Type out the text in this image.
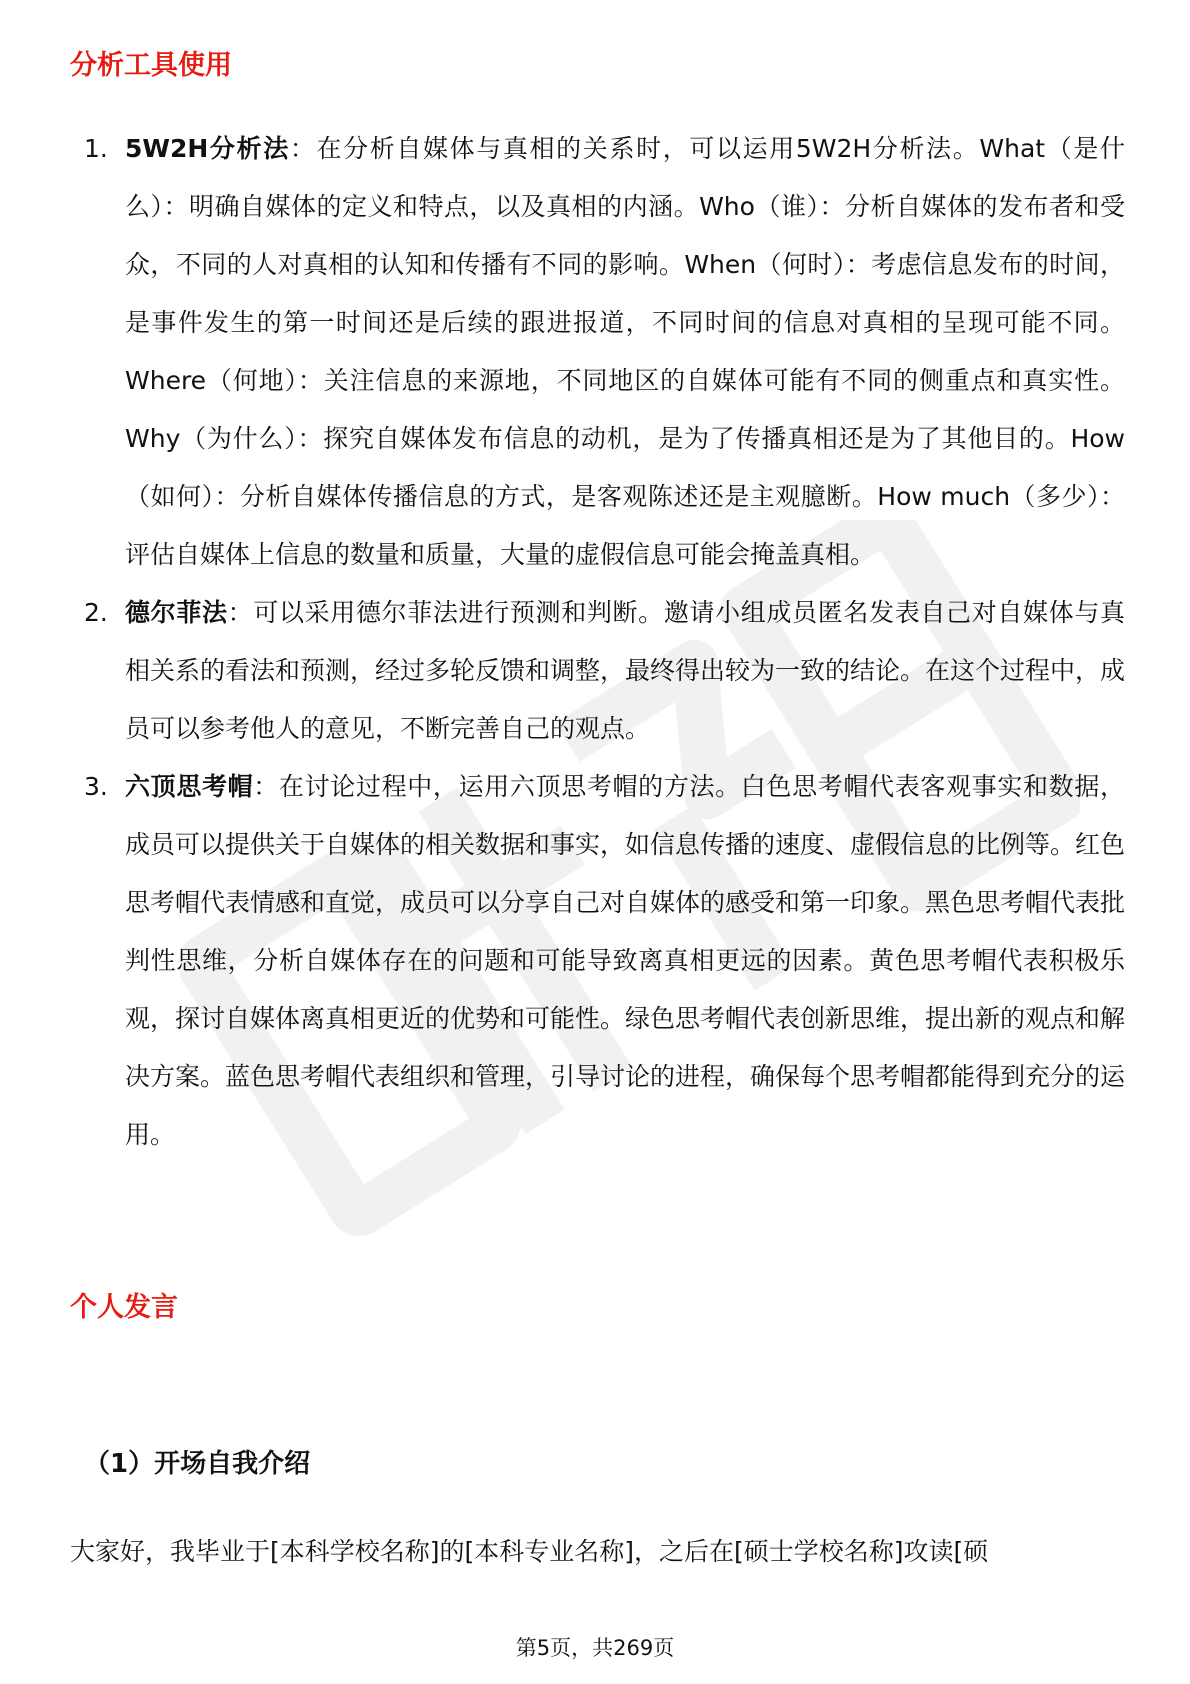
分析工具使用
1. 5W2H分析法：在分析自媒体与真相的关系时，可以运用5W2H分析法。What（是什么）：明确自媒体的定义和特点，以及真相的内涵。Who（谁）：分析自媒体的发布者和受众，不同的人对真相的认知和传播有不同的影响。When（何时）：考虑信息发布的时间，是事件发生的第一时间还是后续的跟进报道，不同时间的信息对真相的呈现可能不同。Where（何地）：关注信息的来源地，不同地区的自媒体可能有不同的侧重点和真实性。Why（为什么）：探究自媒体发布信息的动机，是为了传播真相还是为了其他目的。How（如何）：分析自媒体传播信息的方式，是客观陈述还是主观臆断。How much（多少）：评估自媒体上信息的数量和质量，大量的虚假信息可能会掩盖真相。

2. 德尔菲法：可以采用德尔菲法进行预测和判断。邀请小组成员匿名发表自己对自媒体与真相关系的看法和预测，经过多轮反馈和调整，最终得出较为一致的结论。在这个过程中，成员可以参考他人的意见，不断完善自己的观点。

3. 六顶思考帽：在讨论过程中，运用六顶思考帽的方法。白色思考帽代表客观事实和数据，成员可以提供关于自媒体的相关数据和事实，如信息传播的速度、虚假信息的比例等。红色思考帽代表情感和直觉，成员可以分享自己对自媒体的感受和第一印象。黑色思考帽代表批判性思维，分析自媒体存在的问题和可能导致离真相更远的因素。黄色思考帽代表积极乐观，探讨自媒体离真相更近的优势和可能性。绿色思考帽代表创新思维，提出新的观点和解决方案。蓝色思考帽代表组织和管理，引导讨论的进程，确保每个思考帽都能得到充分的运用。

个人发言
（1）开场自我介绍

大家好，我毕业于[本科学校名称]的[本科专业名称]，之后在[硕士学校名称]攻读[硕

第5页，共269页
